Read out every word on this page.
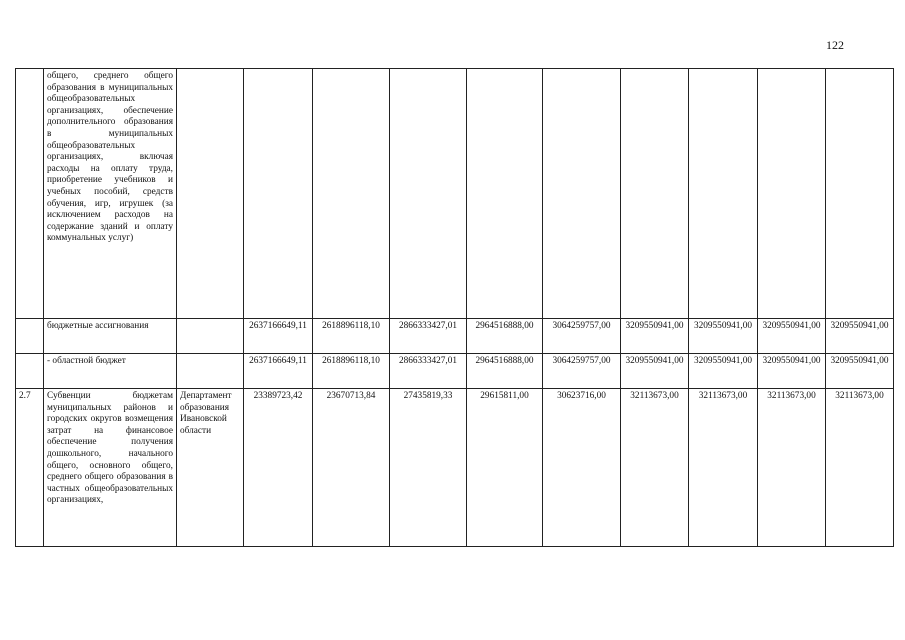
122
	общего, среднего общего образования в муниципальных общеобразовательных организациях, обеспечение дополнительного образования в муниципальных общеобразовательных организациях, включая расходы на оплату труда, приобретение учебников и учебных пособий, средств обучения, игр, игрушек (за исключением расходов на содержание зданий и оплату коммунальных услуг)										
	бюджетные ассигнования		2637166649,11	2618896118,10	2866333427,01	2964516888,00	3064259757,00	3209550941,00	3209550941,00	3209550941,00	3209550941,00
	- областной бюджет		2637166649,11	2618896118,10	2866333427,01	2964516888,00	3064259757,00	3209550941,00	3209550941,00	3209550941,00	3209550941,00
2.7	Субвенции бюджетам муниципальных районов и городских округов возмещения затрат на финансовое обеспечение получения дошкольного, начального общего, основного общего, среднего общего образования в частных общеобразовательных организациях,	Департамент образования Ивановской области	23389723,42	23670713,84	27435819,33	29615811,00	30623716,00	32113673,00	32113673,00	32113673,00	32113673,00
